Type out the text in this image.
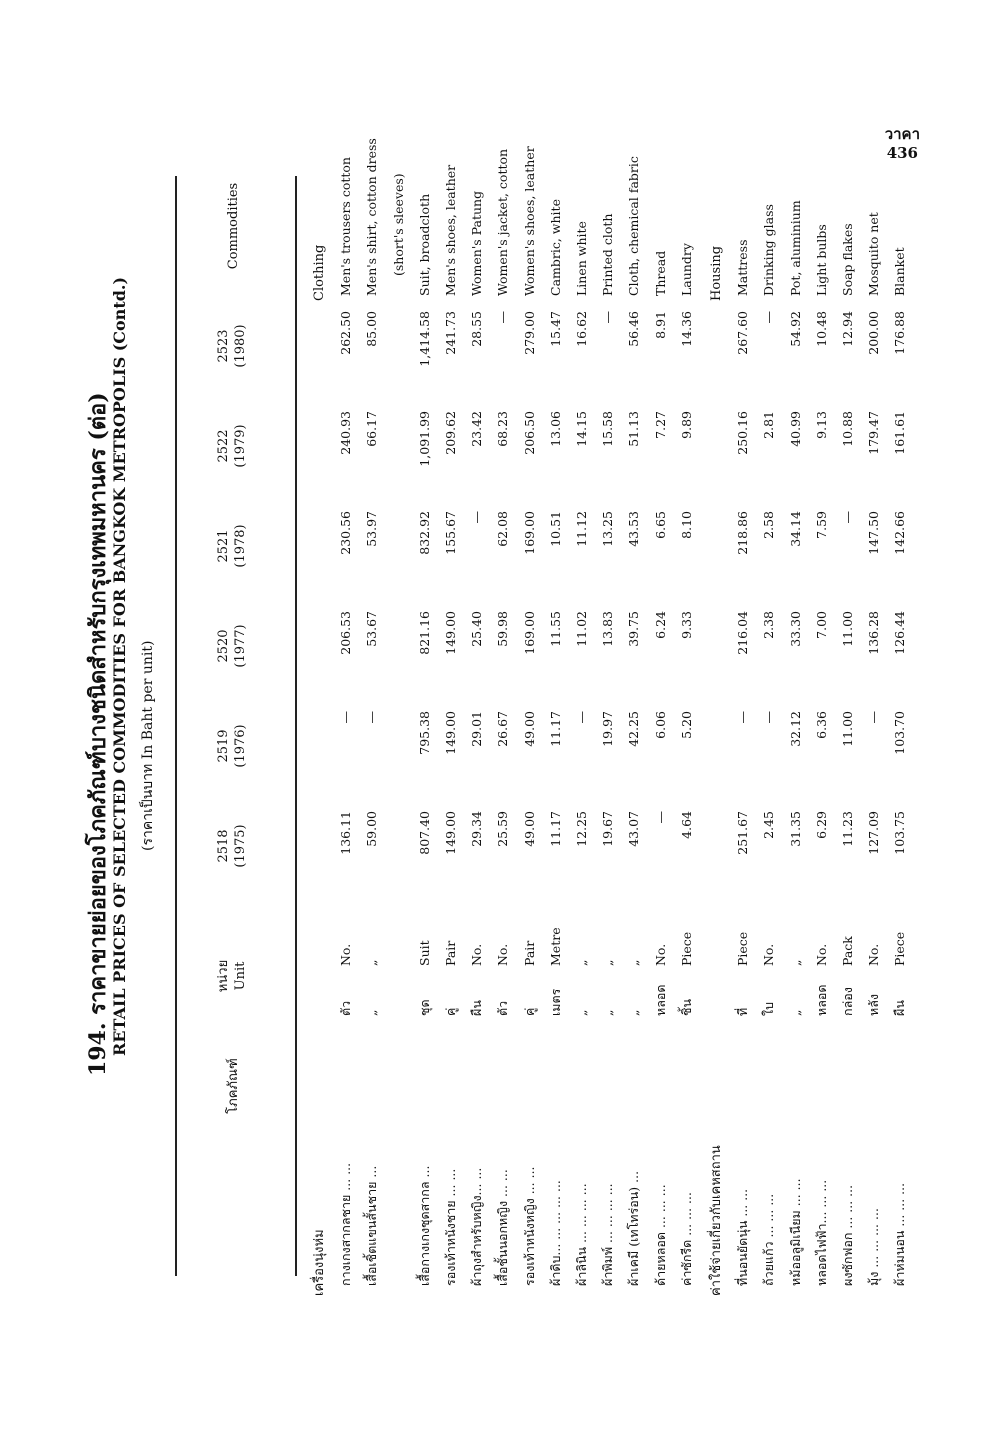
วาคา
436
194. ราคาขายย่อยของโภคภัณฑ์บางชนิดสำหรับกรุงเทพมหานคร (ต่อ) RETAIL PRICES OF SELECTED COMMODITIES FOR BANGKOK METROPOLIS (Contd.) (ราคาเป็นบาท In Baht per unit)
โภคภัณฑ์
หน่วย Unit
2518 (1975)
2519 (1976)
2520 (1977)
2521 (1978)
2522 (1979)
2523 (1980)
Commodities
เครื่องนุ่งห่ม
Clothing
กางเกงสากลชาย ... ...
ตัว
No.
136.11
—
206.53
230.56
240.93
262.50
Men's trousers cotton
เสื้อเชิ้ตแขนสั้นชาย ...
„
„
59.00
—
53.67
53.97
66.17
85.00
Men's shirt, cotton dress (short's sleeves)
เสื้อกางเกงชุดสากล ...
ชุด
Suit
807.40
795.38
821.16
832.92
1,091.99
1,414.58
Suit, broadcloth
รองเท้าหนังชาย ... ...
คู่
Pair
149.00
149.00
149.00
155.67
209.62
241.73
Men's shoes, leather
ผ้าถุงสำหรับหญิง... ...
ผืน
No.
29.34
29.01
25.40
—
23.42
28.55
Women's Patung
เสื้อชั้นนอกหญิง ... ...
ตัว
No.
25.59
26.67
59.98
62.08
68.23
—
Women's jacket, cotton
รองเท้าหนังหญิง ... ...
คู่
Pair
49.00
49.00
169.00
169.00
206.50
279.00
Women's shoes, leather
ผ้าดิบ... ... ... ... ...
เมตร
Metre
11.17
11.17
11.55
10.51
13.06
15.47
Cambric, white
ผ้าลินิน ... ... ... ...
„
„
12.25
—
11.02
11.12
14.15
16.62
Linen white
ผ้าพิมพ์ ... ... ... ...
„
„
19.67
19.97
13.83
13.25
15.58
—
Printed cloth
ผ้าเคมี (เทโทร่อน) ...
„
„
43.07
42.25
39.75
43.53
51.13
56.46
Cloth, chemical fabric
ด้ายหลอด ... ... ...
หลอด
No.
—
6.06
6.24
6.65
7.27
8.91
Thread
ค่าซักรีด ... ... ...
ชิ้น
Piece
4.64
5.20
9.33
8.10
9.89
14.36
Laundry
ค่าใช้จ่ายเกี่ยวกับเคหสถาน
Housing
ที่นอนยัดนุ่น ... ...
ที่
Piece
251.67
—
216.04
218.86
250.16
267.60
Mattress
ถ้วยแก้ว ... ... ...
ใบ
No.
2.45
—
2.38
2.58
2.81
—
Drinking glass
หม้ออลูมิเนียม ... ...
„
„
31.35
32.12
33.30
34.14
40.99
54.92
Pot, aluminium
หลอดไฟฟ้า... ... ...
หลอด
No.
6.29
6.36
7.00
7.59
9.13
10.48
Light bulbs
ผงซักฟอก ... ... ...
กล่อง
Pack
11.23
11.00
11.00
—
10.88
12.94
Soap flakes
มุ้ง ... ... ... ...
หลัง
No.
127.09
—
136.28
147.50
179.47
200.00
Mosquito net
ผ้าห่มนอน ... ... ...
ผืน
Piece
103.75
103.70
126.44
142.66
161.61
176.88
Blanket
